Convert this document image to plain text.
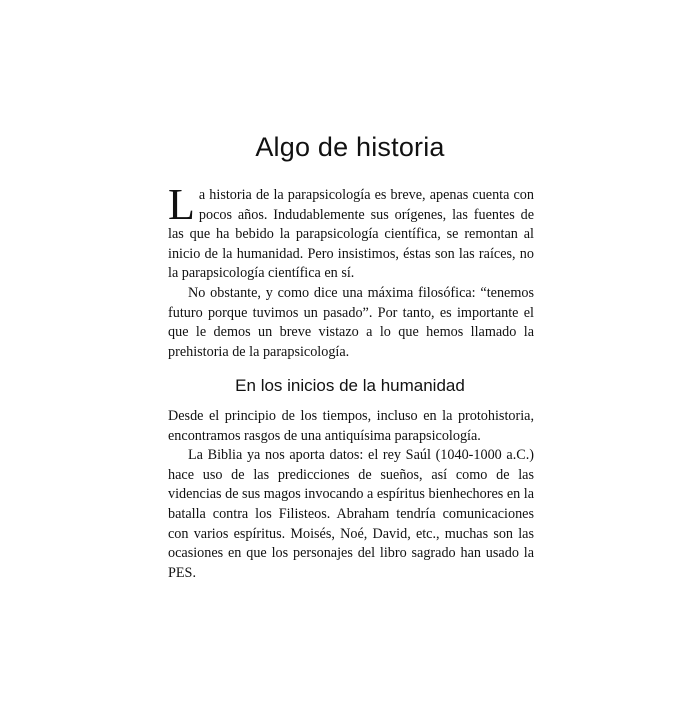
Algo de historia

La historia de la parapsicología es breve, apenas cuenta con pocos años. Indudablemente sus orígenes, las fuentes de las que ha bebido la parapsicología científica, se remontan al inicio de la humanidad. Pero insistimos, éstas son las raíces, no la parapsicología científica en sí.

No obstante, y como dice una máxima filosófica: “tenemos futuro porque tuvimos un pasado”. Por tanto, es importante el que le demos un breve vistazo a lo que hemos llamado la prehistoria de la parapsicología.

En los inicios de la humanidad

Desde el principio de los tiempos, incluso en la protohistoria, encontramos rasgos de una antiquísima parapsicología.

La Biblia ya nos aporta datos: el rey Saúl (1040-1000 a.C.) hace uso de las predicciones de sueños, así como de las videncias de sus magos invocando a espíritus bienhechores en la batalla contra los Filisteos. Abraham tendría comunicaciones con varios espíritus. Moisés, Noé, David, etc., muchas son las ocasiones en que los personajes del libro sagrado han usado la PES.
